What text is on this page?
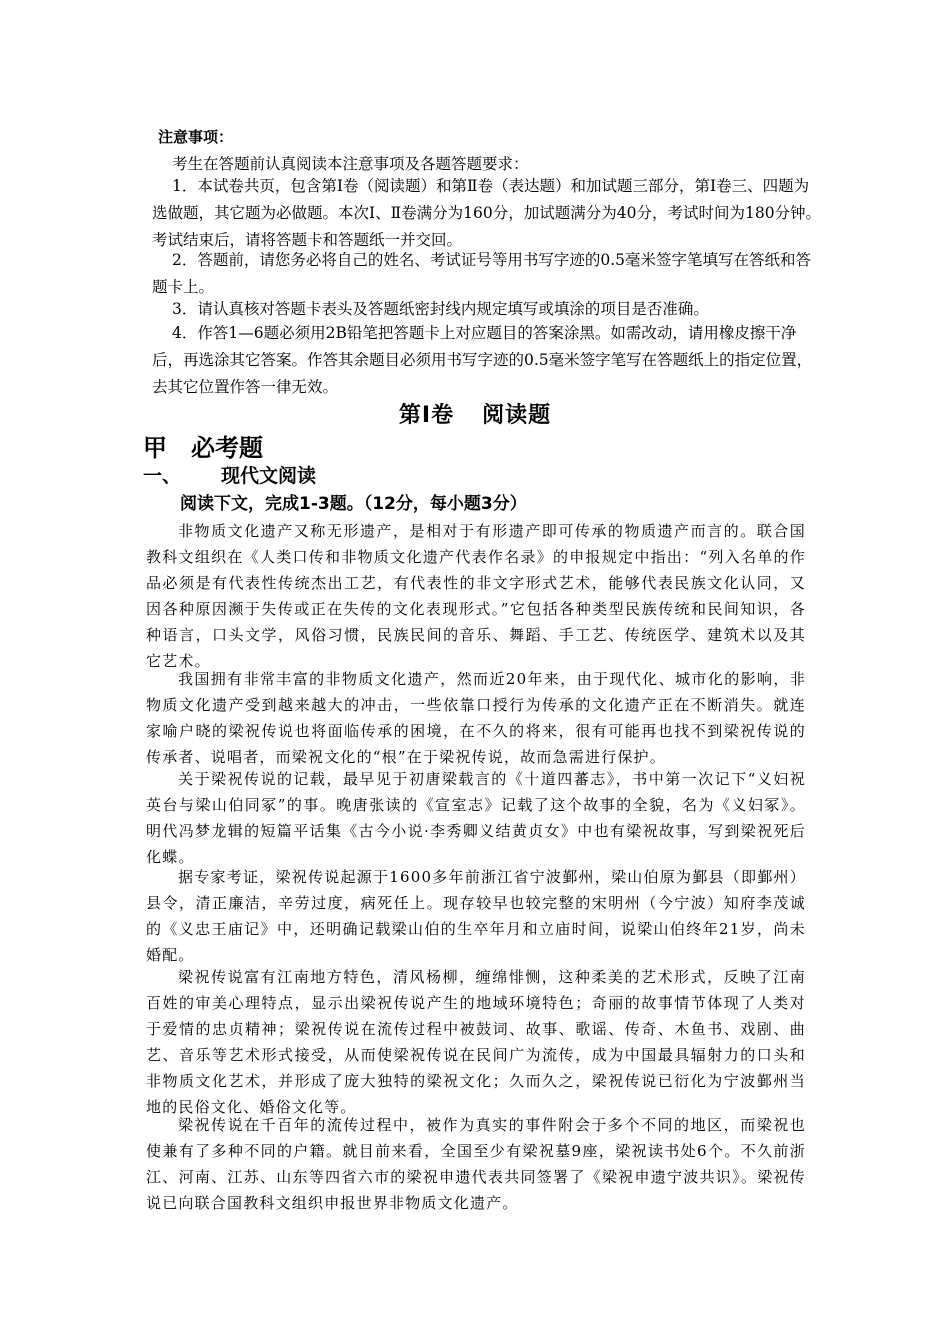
注意事项：
考生在答题前认真阅读本注意事项及各题答题要求：
1．本试卷共页，包含第Ⅰ卷（阅读题）和第Ⅱ卷（表达题）和加试题三部分，第Ⅰ卷三、四题为选做题，其它题为必做题。本次Ⅰ、Ⅱ卷满分为160分，加试题满分为40分，考试时间为180分钟。考试结束后，请将答题卡和答题纸一并交回。
2．答题前，请您务必将自己的姓名、考试证号等用书写字迹的0.5毫米签字笔填写在答纸和答题卡上。
3．请认真核对答题卡表头及答题纸密封线内规定填写或填涂的项目是否准确。
4．作答1—6题必须用2B铅笔把答题卡上对应题目的答案涂黑。如需改动，请用橡皮擦干净后，再选涂其它答案。作答其余题目必须用书写字迹的0.5毫米签字笔写在答题纸上的指定位置，去其它位置作答一律无效。
第Ⅰ卷 阅读题
甲 必考题
一、 现代文阅读
阅读下文，完成1-3题。（12分，每小题3分）
非物质文化遗产又称无形遗产，是相对于有形遗产即可传承的物质遗产而言的。联合国教科文组织在《人类口传和非物质文化遗产代表作名录》的申报规定中指出：“列入名单的作品必须是有代表性传统杰出工艺，有代表性的非文字形式艺术，能够代表民族文化认同，又因各种原因濒于失传或正在失传的文化表现形式。”它包括各种类型民族传统和民间知识，各种语言，口头文学，风俗习惯，民族民间的音乐、舞蹈、手工艺、传统医学、建筑术以及其它艺术。
我国拥有非常丰富的非物质文化遗产，然而近20年来，由于现代化、城市化的影响，非物质文化遗产受到越来越大的冲击，一些依靠口授行为传承的文化遗产正在不断消失。就连家喻户晓的梁祝传说也将面临传承的困境，在不久的将来，很有可能再也找不到梁祝传说的传承者、说唱者，而梁祝文化的“根”在于梁祝传说，故而急需进行保护。
关于梁祝传说的记载，最早见于初唐梁载言的《十道四蕃志》，书中第一次记下“义妇祝英台与梁山伯同冢”的事。晚唐张读的《宣室志》记载了这个故事的全貌，名为《义妇冢》。明代冯梦龙辑的短篇平话集《古今小说·李秀卿义结黄贞女》中也有梁祝故事，写到梁祝死后化蝶。
据专家考证，梁祝传说起源于1600多年前浙江省宁波鄞州，梁山伯原为鄞县（即鄞州）县令，清正廉洁，辛劳过度，病死任上。现存较早也较完整的宋明州（今宁波）知府李茂诚的《义忠王庙记》中，还明确记载梁山伯的生卒年月和立庙时间，说梁山伯终年21岁，尚未婚配。
梁祝传说富有江南地方特色，清风杨柳，缠绵悱恻，这种柔美的艺术形式，反映了江南百姓的审美心理特点，显示出梁祝传说产生的地域环境特色；奇丽的故事情节体现了人类对于爱情的忠贞精神；梁祝传说在流传过程中被鼓词、故事、歌谣、传奇、木鱼书、戏剧、曲艺、音乐等艺术形式接受，从而使梁祝传说在民间广为流传，成为中国最具辐射力的口头和非物质文化艺术，并形成了庞大独特的梁祝文化；久而久之，梁祝传说已衍化为宁波鄞州当地的民俗文化、婚俗文化等。
梁祝传说在千百年的流传过程中，被作为真实的事件附会于多个不同的地区，而梁祝也使兼有了多种不同的户籍。就目前来看，全国至少有梁祝墓9座，梁祝读书处6个。不久前浙江、河南、江苏、山东等四省六市的梁祝申遗代表共同签署了《梁祝申遗宁波共识》。梁祝传说已向联合国教科文组织申报世界非物质文化遗产。
